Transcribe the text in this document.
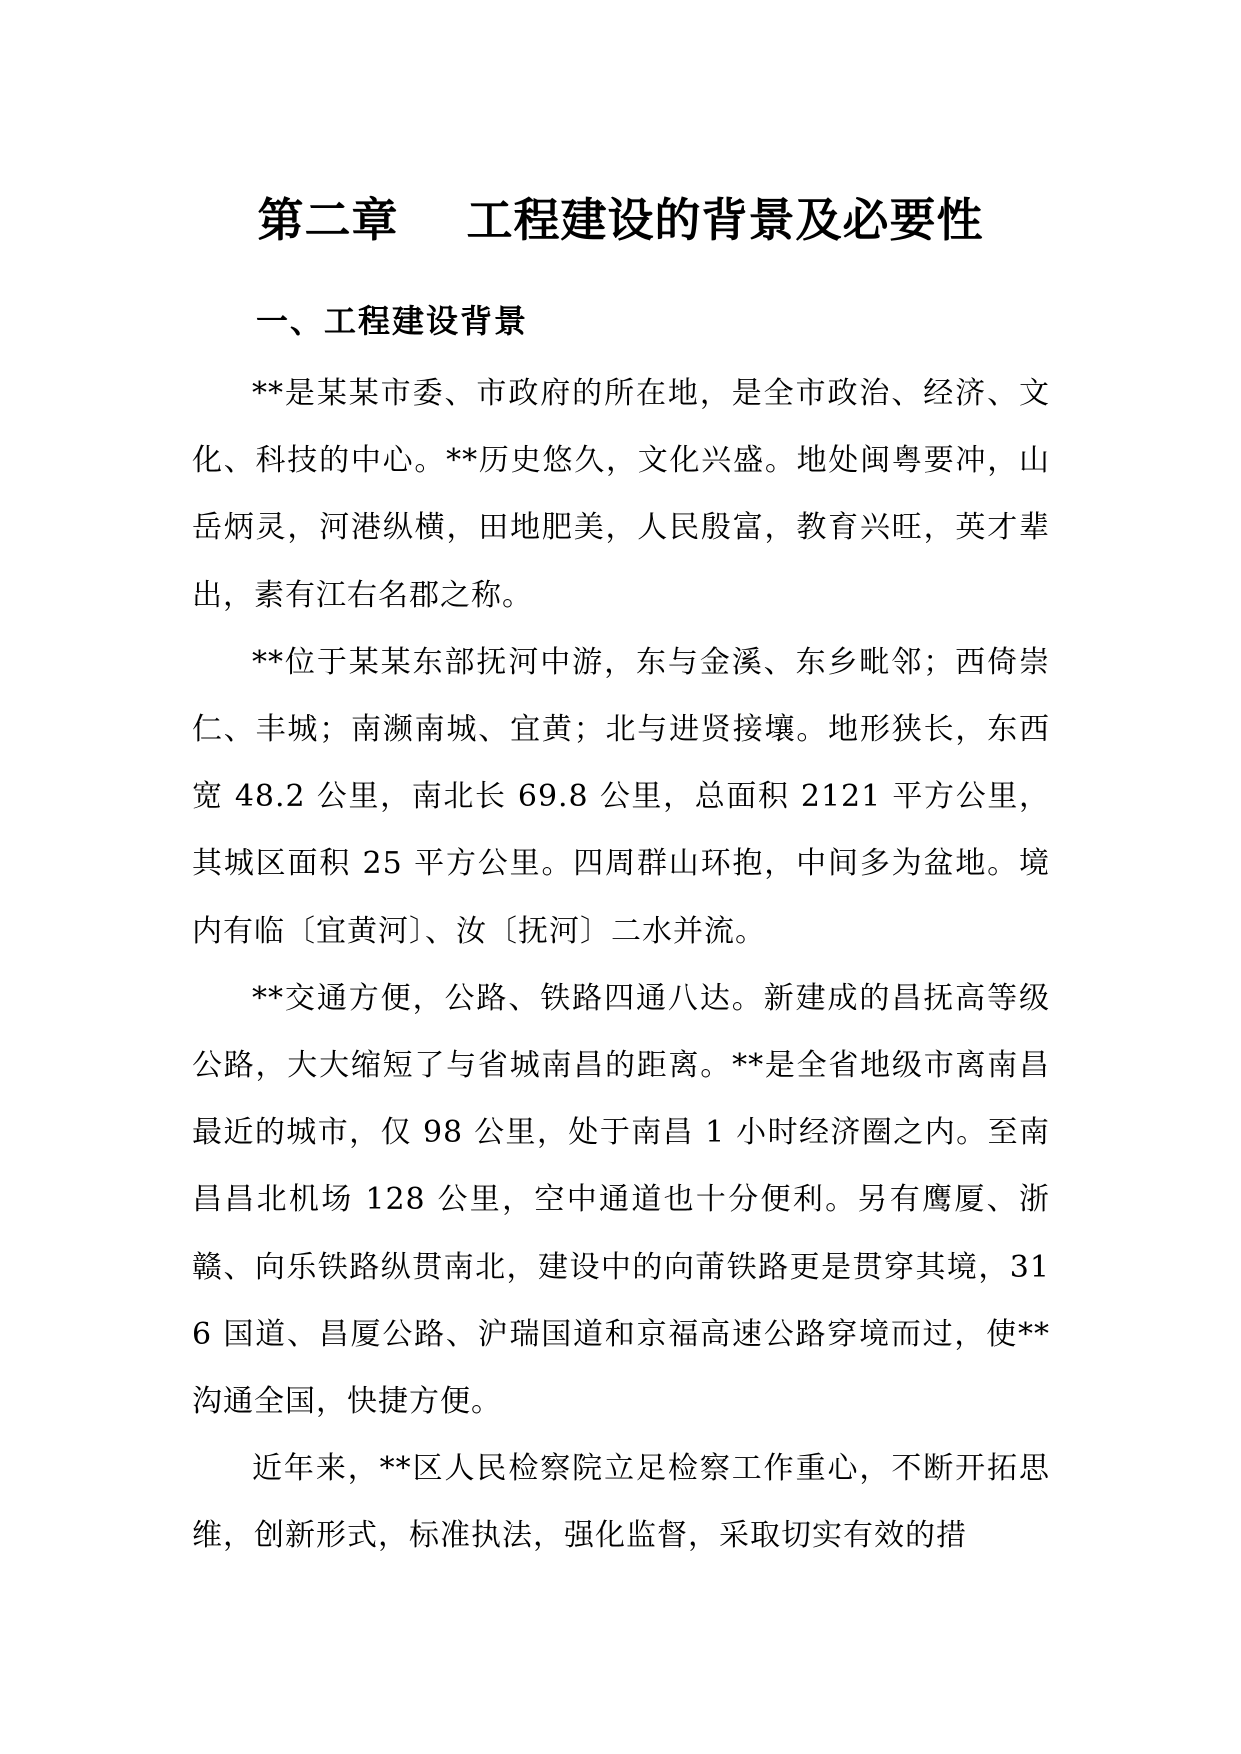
第二章    工程建设的背景及必要性
一、工程建设背景

**是某某市委、市政府的所在地，是全市政治、经济、文化、科技的中心。**历史悠久，文化兴盛。地处闽粤要冲，山岳炳灵，河港纵横，田地肥美，人民殷富，教育兴旺，英才辈出，素有江右名郡之称。

**位于某某东部抚河中游，东与金溪、东乡毗邻；西倚崇仁、丰城；南濒南城、宜黄；北与进贤接壤。地形狭长，东西宽 48.2 公里，南北长 69.8 公里，总面积 2121 平方公里，其城区面积 25 平方公里。四周群山环抱，中间多为盆地。境内有临〔宜黄河〕、汝〔抚河〕二水并流。

**交通方便，公路、铁路四通八达。新建成的昌抚高等级公路，大大缩短了与省城南昌的距离。**是全省地级市离南昌最近的城市，仅 98 公里，处于南昌 1 小时经济圈之内。至南昌昌北机场 128 公里，空中通道也十分便利。另有鹰厦、浙赣、向乐铁路纵贯南北，建设中的向莆铁路更是贯穿其境，316 国道、昌厦公路、沪瑞国道和京福高速公路穿境而过，使**沟通全国，快捷方便。

近年来，**区人民检察院立足检察工作重心，不断开拓思维，创新形式，标准执法，强化监督，采取切实有效的措
